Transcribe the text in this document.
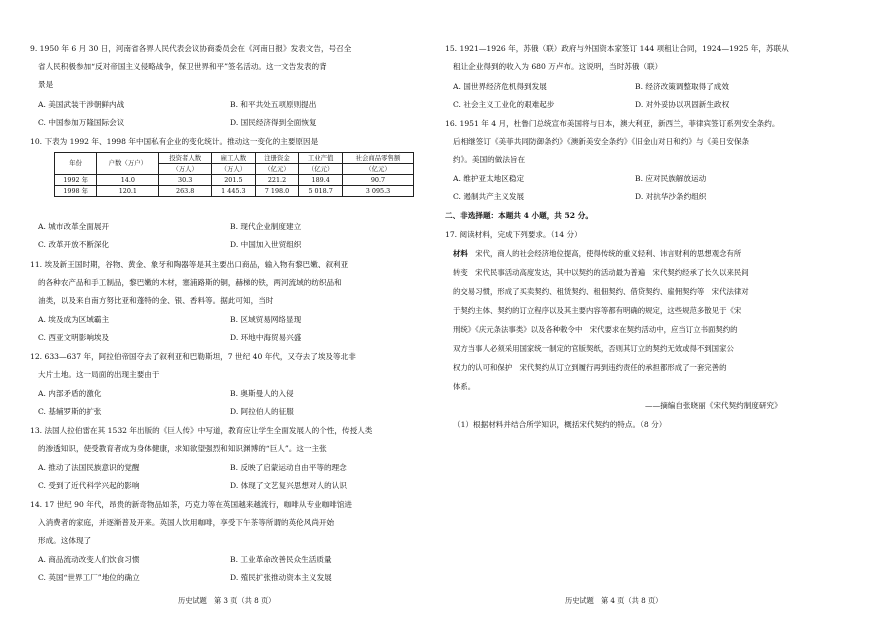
9. 1950 年 6 月 30 日，河南省各界人民代表会议协商委员会在《河南日报》发表文告，号召全
省人民积极参加“反对帝国主义侵略战争，保卫世界和平”签名活动。这一文告发表的背
景是
A. 美国武装干涉朝鲜内战	B. 和平共处五项原则提出
C. 中国参加万隆国际会议	D. 国民经济得到全面恢复
10. 下表为 1992 年、1998 年中国私有企业的变化统计。推动这一变化的主要原因是
年份	户数（万户）	投资者人数	雇工人数	注册资金	工业产值	社会商品零售额
		（万人）	（万人）	（亿元）	（亿元）	（亿元）
1992 年	14.0	30.3	201.5	221.2	189.4	90.7
1998 年	120.1	263.8	1 445.3	7 198.0	5 018.7	3 095.3
A. 城市改革全面展开	B. 现代企业制度建立
C. 改革开放不断深化	D. 中国加入世贸组织
11. 埃及新王国时期，谷物、黄金、象牙和陶器等是其主要出口商品，输入物有黎巴嫩、叙利亚
的各种农产品和手工制品，黎巴嫩的木材，塞浦路斯的铜，赫梯的铁，两河流域的纺织品和
油类，以及来自南方努比亚和蓬特的金、银、香料等。据此可知，当时
A. 埃及成为区域霸主	B. 区域贸易网络显现
C. 西亚文明影响埃及	D. 环地中海贸易兴盛
12. 633—637 年，阿拉伯帝国夺去了叙利亚和巴勒斯坦，7 世纪 40 年代，又夺去了埃及等北非
大片土地。这一局面的出现主要由于
A. 内部矛盾的激化	B. 奥斯曼人的入侵
C. 基辅罗斯的扩张	D. 阿拉伯人的征服
13. 法国人拉伯雷在其 1532 年出版的《巨人传》中写道，教育应让学生全面发展人的个性，传授人类
的渗透知识，使受教育者成为身体健康，求知欲望强烈和知识渊博的“巨人”。这一主张
A. 推动了法国民族意识的觉醒	B. 反映了启蒙运动自由平等的理念
C. 受到了近代科学兴起的影响	D. 体现了文艺复兴思想对人的认识
14. 17 世纪 90 年代，昂贵的新奇物品如茶，巧克力等在英国越来越流行，咖啡从专业咖啡馆进
入消费者的家庭，并逐渐普及开来。英国人饮用咖啡，享受下午茶等所谓的英伦风尚开始
形成。这体现了
A. 商品流动改变人们饮食习惯	B. 工业革命改善民众生活质量
C. 英国“世界工厂”地位的确立	D. 殖民扩张推动资本主义发展
历史试题　第 3 页（共 8 页）
15. 1921—1926 年，苏俄（联）政府与外国资本家签订 144 项租让合同，1924—1925 年，苏联从
租让企业得到的收入为 680 万卢布。这说明，当时苏俄（联）
A. 国世界经济危机得到发展	B. 经济改策调整取得了成效
C. 社会主义工业化的艰难起步	D. 对外妥协以巩固新生政权
16. 1951 年 4 月，杜鲁门总统宣布美国将与日本，澳大利亚，新西兰，菲律宾签订系列安全条约。
后相继签订《美菲共同防御条约》《澳新美安全条约》《旧金山对日和约》与《美日安保条
约》。美国的做法旨在
A. 维护亚太地区稳定	B. 应对民族解放运动
C. 遏制共产主义发展	D. 对抗华沙条约组织
二、非选择题：本题共 4 小题，共 52 分。
17. 阅读材料，完成下列要求。（14 分）
材料　宋代，商人的社会经济地位提高，使得传统的重义轻利、讳言财利的思想观念有所
转变　宋代民事活动高度发达，其中以契约的活动最为普遍　宋代契约经承了长久以来民间
的交易习惯，形成了买卖契约、租赁契约、租佃契约、借贷契约、雇佣契约等　宋代法律对
于契约主体、契约的订立程序以及其主要内容等都有明确的规定，这些规范多散见于《宋
刑统》《庆元条法事类》以及各种敕令中　宋代要求在契约活动中，应当订立书面契约的
双方当事人必须采用国家统一制定的官版契纸，否则其订立的契约无效或得不到国家公
权力的认可和保护　宋代契约从订立到履行再到违约责任的承担都形成了一套完善的
体系。
——摘编自张晓丽《宋代契约制度研究》
（1）根据材料并结合所学知识，概括宋代契约的特点。（8 分）
历史试题　第 4 页（共 8 页）
